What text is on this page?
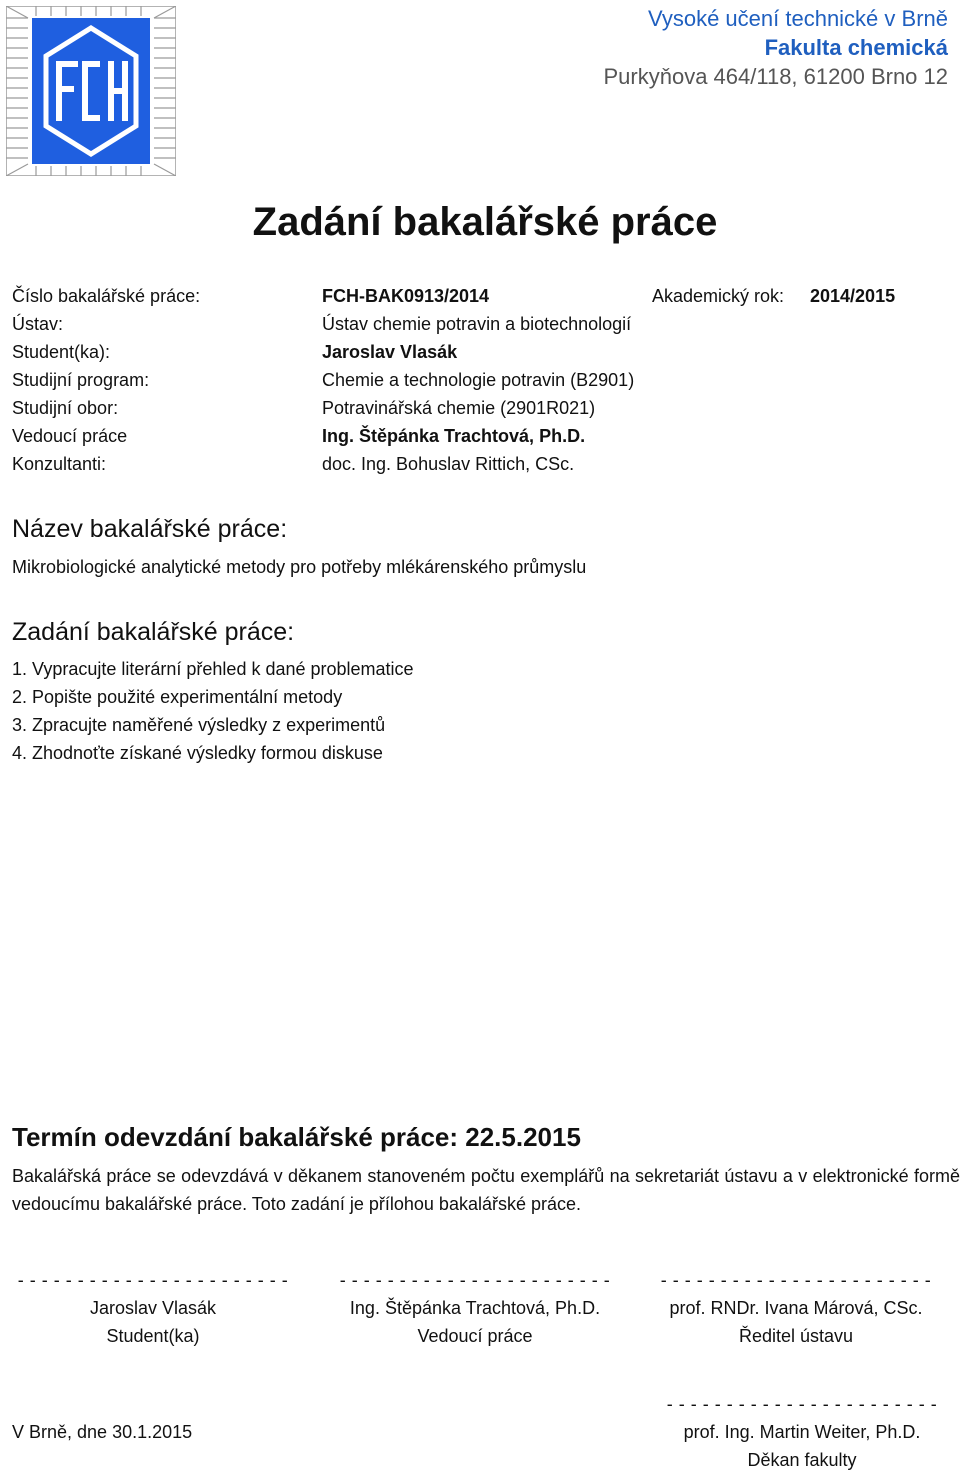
Vysoké učení technické v Brně
Fakulta chemická
Purkyňova 464/118, 61200 Brno 12
Zadání bakalářské práce
Číslo bakalářské práce:	FCH-BAK0913/2014	Akademický rok: 2014/2015
Ústav:	Ústav chemie potravin a biotechnologií
Student(ka):	Jaroslav Vlasák
Studijní program:	Chemie a technologie potravin (B2901)
Studijní obor:	Potravinářská chemie (2901R021)
Vedoucí práce	Ing. Štěpánka Trachtová, Ph.D.
Konzultanti:	doc. Ing. Bohuslav Rittich, CSc.
Název bakalářské práce:
Mikrobiologické analytické metody pro potřeby mlékárenského průmyslu
Zadání bakalářské práce:
1. Vypracujte literární přehled k dané problematice
2. Popište použité experimentální metody
3. Zpracujte naměřené výsledky z experimentů
4. Zhodnoťte získané výsledky formou diskuse
Termín odevzdání bakalářské práce: 22.5.2015
Bakalářská práce se odevzdává v děkanem stanoveném počtu exemplářů na sekretariát ústavu a v elektronické formě vedoucímu bakalářské práce. Toto zadání je přílohou bakalářské práce.
- - - - - - - - - - - - - - - - - - - - - - -
Jaroslav Vlasák
Student(ka)
- - - - - - - - - - - - - - - - - - - - - - -
Ing. Štěpánka Trachtová, Ph.D.
Vedoucí práce
- - - - - - - - - - - - - - - - - - - - - - -
prof. RNDr. Ivana Márová, CSc.
Ředitel ústavu
V Brně, dne 30.1.2015
- - - - - - - - - - - - - - - - - - - - - - -
prof. Ing. Martin Weiter, Ph.D.
Děkan fakulty
